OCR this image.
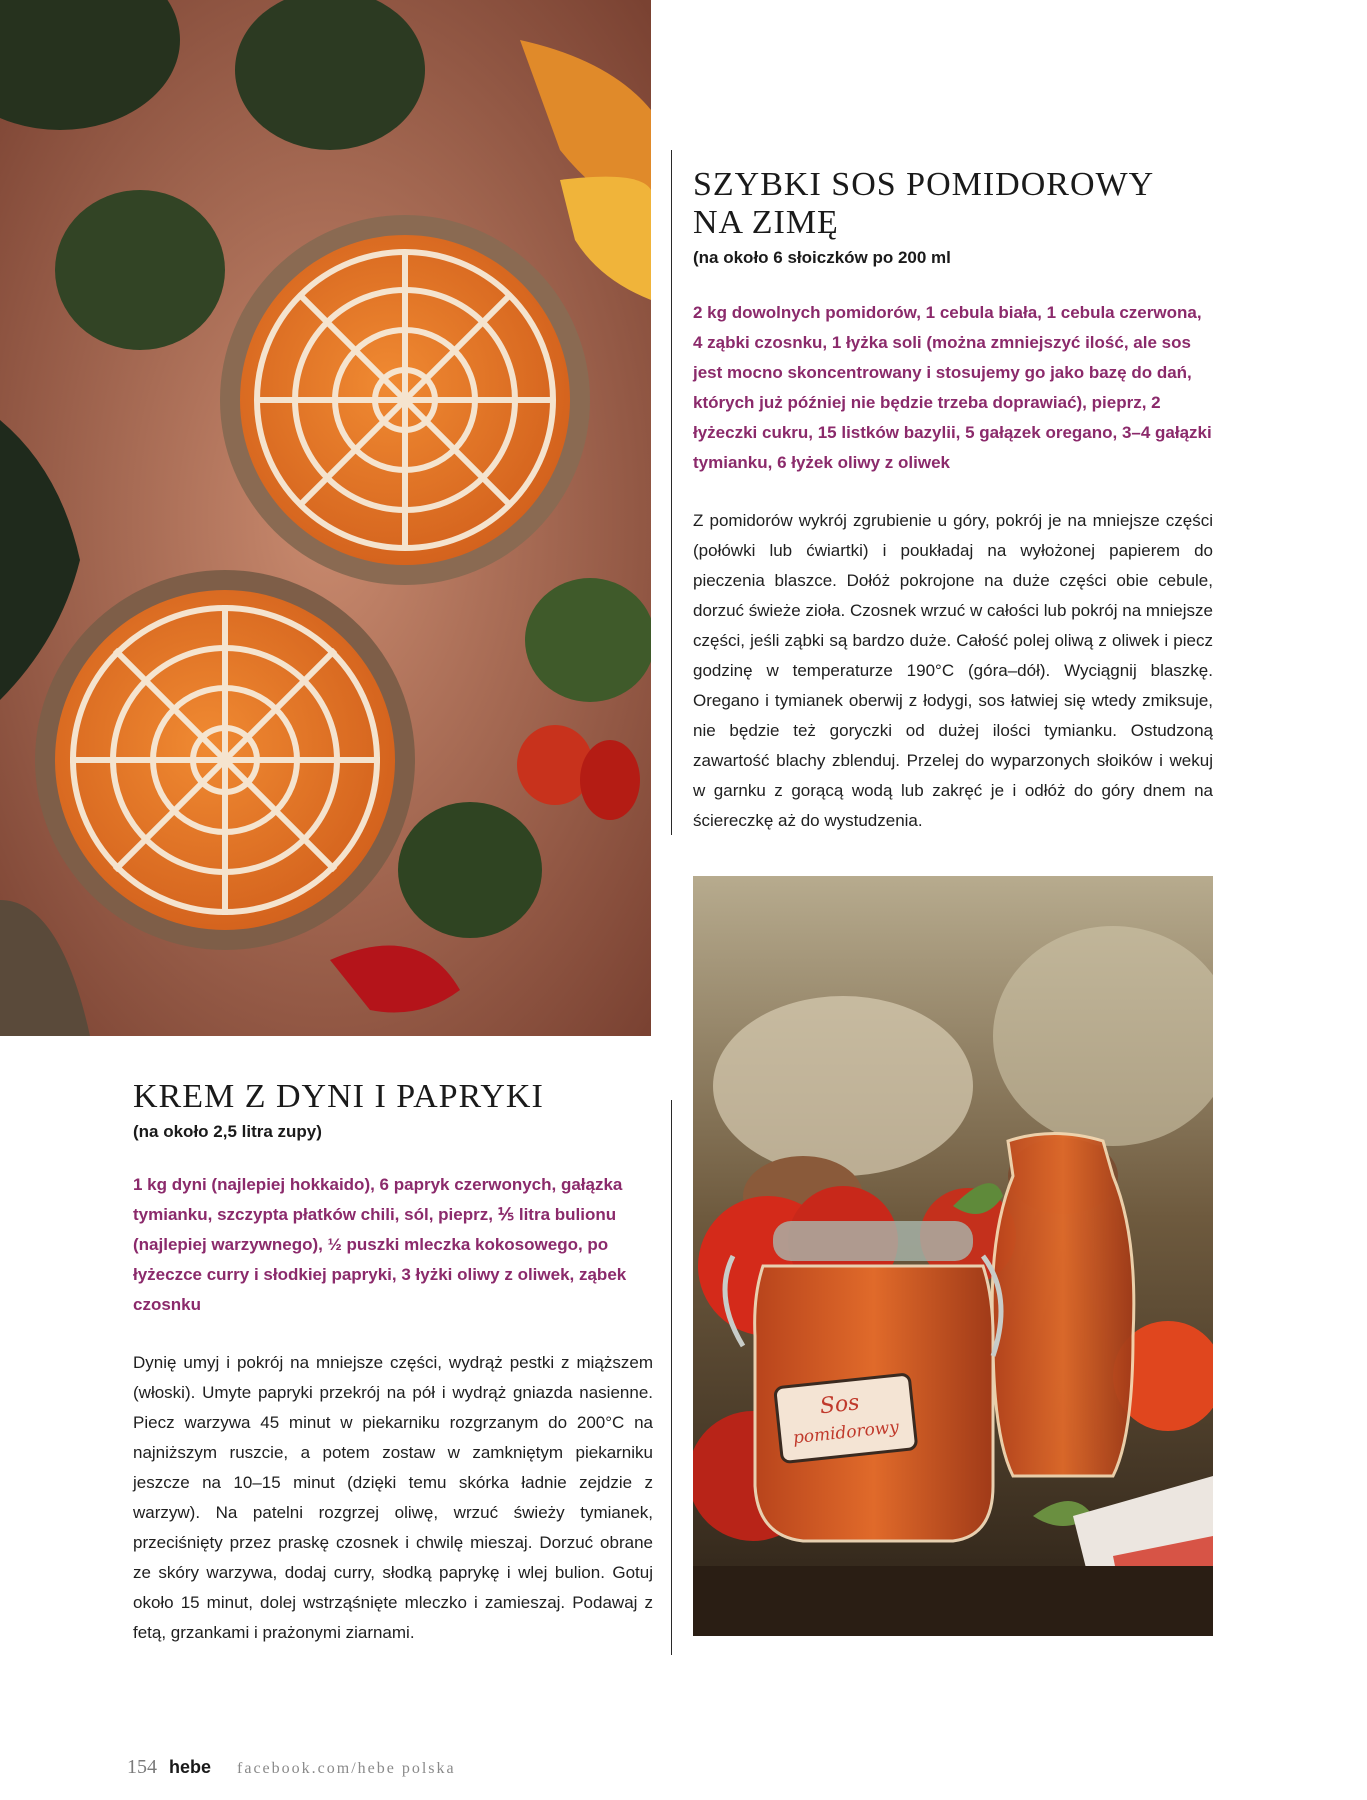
SZYBKI SOS POMIDOROWY
NA ZIMĘ
(na około 6 słoiczków po 200 ml
2 kg dowolnych pomidorów, 1 cebula biała, 1 cebula czerwona, 4 ząbki czosnku, 1 łyżka soli (można zmniejszyć ilość, ale sos jest mocno skoncentrowany i stosujemy go jako bazę do dań, których już później nie będzie trzeba doprawiać), pieprz, 2 łyżeczki cukru, 15 listków bazylii, 5 gałązek oregano, 3–4 gałązki tymianku, 6 łyżek oliwy z oliwek
Z pomidorów wykrój zgrubienie u góry, pokrój je na mniejsze części (połówki lub ćwiartki) i poukładaj na wyłożonej papierem do pieczenia blaszce. Dołóż pokrojone na duże części obie cebule, dorzuć świeże zioła. Czosnek wrzuć w całości lub pokrój na mniejsze części, jeśli ząbki są bardzo duże. Całość polej oliwą z oliwek i piecz godzinę w temperaturze 190°C (góra–dół). Wyciągnij blaszkę. Oregano i tymianek oberwij z łodygi, sos łatwiej się wtedy zmiksuje, nie będzie też goryczki od dużej ilości tymianku. Ostudzoną zawartość blachy zblenduj. Przelej do wyparzonych słoików i wekuj w garnku z gorącą wodą lub zakręć je i odłóż do góry dnem na ściereczkę aż do wystudzenia.
KREM Z DYNI I PAPRYKI
(na około 2,5 litra zupy)
1 kg dyni (najlepiej hokkaido), 6 papryk czerwonych, gałązka tymianku, szczypta płatków chili, sól, pieprz, ⅕ litra bulionu (najlepiej warzywnego), ½ puszki mleczka kokosowego, po łyżeczce curry i słodkiej papryki, 3 łyżki oliwy z oliwek, ząbek czosnku
Dynię umyj i pokrój na mniejsze części, wydrąż pestki z miąższem (włoski). Umyte papryki przekrój na pół i wydrąż gniazda nasienne. Piecz warzywa 45 minut w piekarniku rozgrzanym do 200°C na najniższym ruszcie, a potem zostaw w zamkniętym piekarniku jeszcze na 10–15 minut (dzięki temu skórka ładnie zejdzie z warzyw). Na patelni rozgrzej oliwę, wrzuć świeży tymianek, przeciśnięty przez praskę czosnek i chwilę mieszaj. Dorzuć obrane ze skóry warzywa, dodaj curry, słodką paprykę i wlej bulion. Gotuj około 15 minut, dolej wstrząśnięte mleczko i zamieszaj. Podawaj z fetą, grzankami i prażonymi ziarnami.
Sos
pomidorowy
154 hebe facebook.com/hebe polska
